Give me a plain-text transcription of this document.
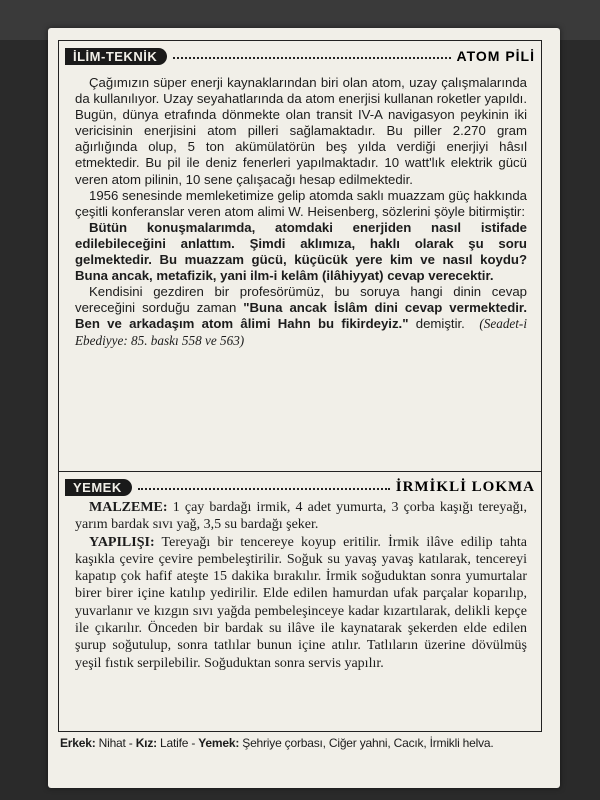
İLİM-TEKNİK	ATOM PİLİ

Çağımızın süper enerji kaynaklarından biri olan atom, uzay çalışmalarında da kullanılıyor. Uzay seyahatlarında da atom enerjisi kullanan roketler yapıldı. Bugün, dünya etrafında dönmekte olan transit IV-A navigasyon peykinin iki vericisinin enerjisini atom pilleri sağlamaktadır. Bu piller 2.270 gram ağırlığında olup, 5 ton akümülatörün beş yılda verdiği enerjiyi hâsıl etmektedir. Bu pil ile deniz fenerleri yapılmaktadır. 10 watt'lık elektrik gücü veren atom pilinin, 10 sene çalışacağı hesap edilmektedir.

1956 senesinde memleketimize gelip atomda saklı muazzam güç hakkında çeşitli konferanslar veren atom alimi W. Heisenberg, sözlerini şöyle bitirmiştir:

Bütün konuşmalarımda, atomdaki enerjiden nasıl istifade edilebileceğini anlattım. Şimdi aklımıza, haklı olarak şu soru gelmektedir. Bu muazzam gücü, küçücük yere kim ve nasıl koydu? Buna ancak, metafizik, yani ilm-i kelâm (ilâhiyyat) cevap verecektir.

Kendisini gezdiren bir profesörümüz, bu soruya hangi dinin cevap vereceğini sorduğu zaman "Buna ancak İslâm dini cevap vermektedir. Ben ve arkadaşım atom âlimi Hahn bu fikirdeyiz." demiştir. (Seadet-i Ebediyye: 85. baskı 558 ve 563)

YEMEK	İRMİKLİ LOKMA

MALZEME: 1 çay bardağı irmik, 4 adet yumurta, 3 çorba kaşığı tereyağı, yarım bardak sıvı yağ, 3,5 su bardağı şeker.

YAPILIŞI: Tereyağı bir tencereye koyup eritilir. İrmik ilâve edilip tahta kaşıkla çevire çevire pembeleştirilir. Soğuk su yavaş yavaş katılarak, tencereyi kapatıp çok hafif ateşte 15 dakika bırakılır. İrmik soğuduktan sonra yumurtalar birer birer içine katılıp yedirilir. Elde edilen hamurdan ufak parçalar koparılıp, yuvarlanır ve kızgın sıvı yağda pembeleşinceye kadar kızartılarak, delikli kepçe ile çıkarılır. Önceden bir bardak su ilâve ile kaynatarak şekerden elde edilen şurup soğutulup, sonra tatlılar bunun içine atılır. Tatlıların üzerine dövülmüş yeşil fıstık serpilebilir. Soğuduktan sonra servis yapılır.

Erkek: Nihat - Kız: Latife - Yemek: Şehriye çorbası, Ciğer yahni, Cacık, İrmikli helva.
